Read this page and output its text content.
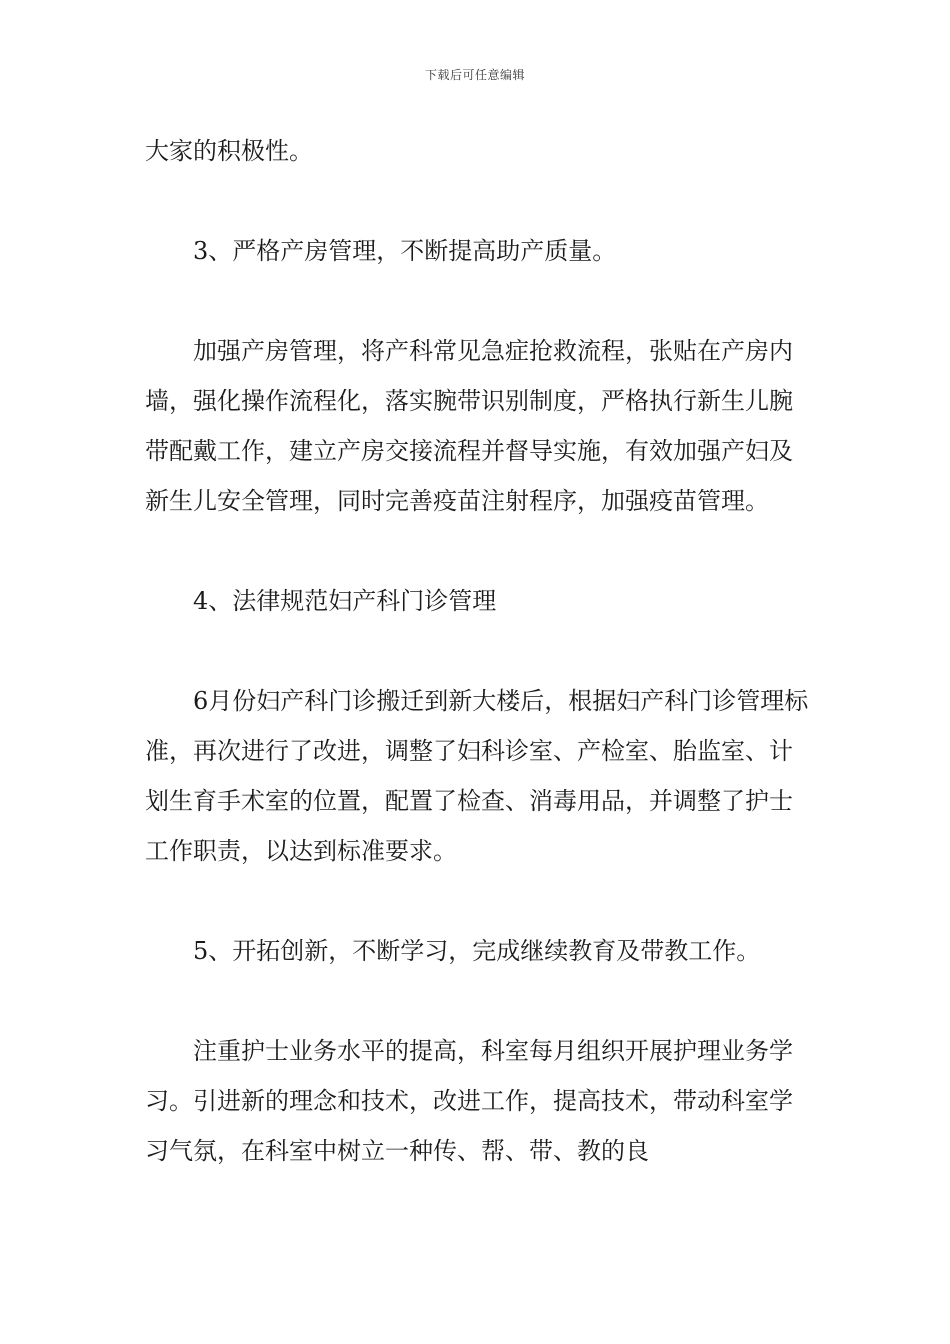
下载后可任意编辑

大家的积极性。

　　3、严格产房管理，不断提高助产质量。

　　加强产房管理，将产科常见急症抢救流程，张贴在产房内墙，强化操作流程化，落实腕带识别制度，严格执行新生儿腕带配戴工作，建立产房交接流程并督导实施，有效加强产妇及新生儿安全管理，同时完善疫苗注射程序，加强疫苗管理。

　　4、法律规范妇产科门诊管理

　　6月份妇产科门诊搬迁到新大楼后，根据妇产科门诊管理标准，再次进行了改进，调整了妇科诊室、产检室、胎监室、计划生育手术室的位置，配置了检查、消毒用品，并调整了护士工作职责，以达到标准要求。

　　5、开拓创新，不断学习，完成继续教育及带教工作。

　　注重护士业务水平的提高，科室每月组织开展护理业务学习。引进新的理念和技术，改进工作，提高技术，带动科室学习气氛，在科室中树立一种传、帮、带、教的良
